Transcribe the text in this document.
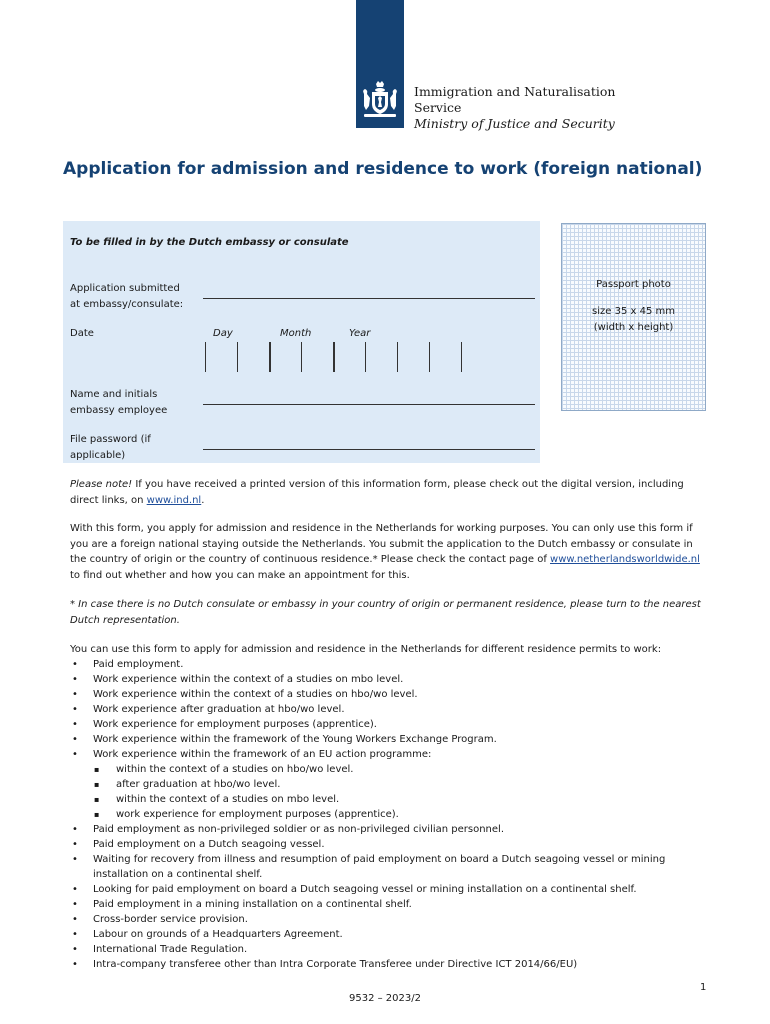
Immigration and Naturalisation
Service
Ministry of Justice and Security
Application for admission and residence to work (foreign national)
To be filled in by the Dutch embassy or consulate
Application submitted
at embassy/consulate:
Date	Day	Month	Year
Name and initials
embassy employee
File password (if
applicable)
Passport photo
size 35 x 45 mm
(width x height)
Please note! If you have received a printed version of this information form, please check out the digital version, including direct links, on www.ind.nl.
With this form, you apply for admission and residence in the Netherlands for working purposes. You can only use this form if you are a foreign national staying outside the Netherlands. You submit the application to the Dutch embassy or consulate in the country of origin or the country of continuous residence.* Please check the contact page of www.netherlandsworldwide.nl to find out whether and how you can make an appointment for this.
* In case there is no Dutch consulate or embassy in your country of origin or permanent residence, please turn to the nearest Dutch representation.
You can use this form to apply for admission and residence in the Netherlands for different residence permits to work:
• Paid employment.
• Work experience within the context of a studies on mbo level.
• Work experience within the context of a studies on hbo/wo level.
• Work experience after graduation at hbo/wo level.
• Work experience for employment purposes (apprentice).
• Work experience within the framework of the Young Workers Exchange Program.
• Work experience within the framework of an EU action programme:
▪ within the context of a studies on hbo/wo level.
▪ after graduation at hbo/wo level.
▪ within the context of a studies on mbo level.
▪ work experience for employment purposes (apprentice).
• Paid employment as non-privileged soldier or as non-privileged civilian personnel.
• Paid employment on a Dutch seagoing vessel.
• Waiting for recovery from illness and resumption of paid employment on board a Dutch seagoing vessel or mining installation on a continental shelf.
• Looking for paid employment on board a Dutch seagoing vessel or mining installation on a continental shelf.
• Paid employment in a mining installation on a continental shelf.
• Cross-border service provision.
• Labour on grounds of a Headquarters Agreement.
• International Trade Regulation.
• Intra-company transferee other than Intra Corporate Transferee under Directive ICT 2014/66/EU)
1
9532 – 2023/2
